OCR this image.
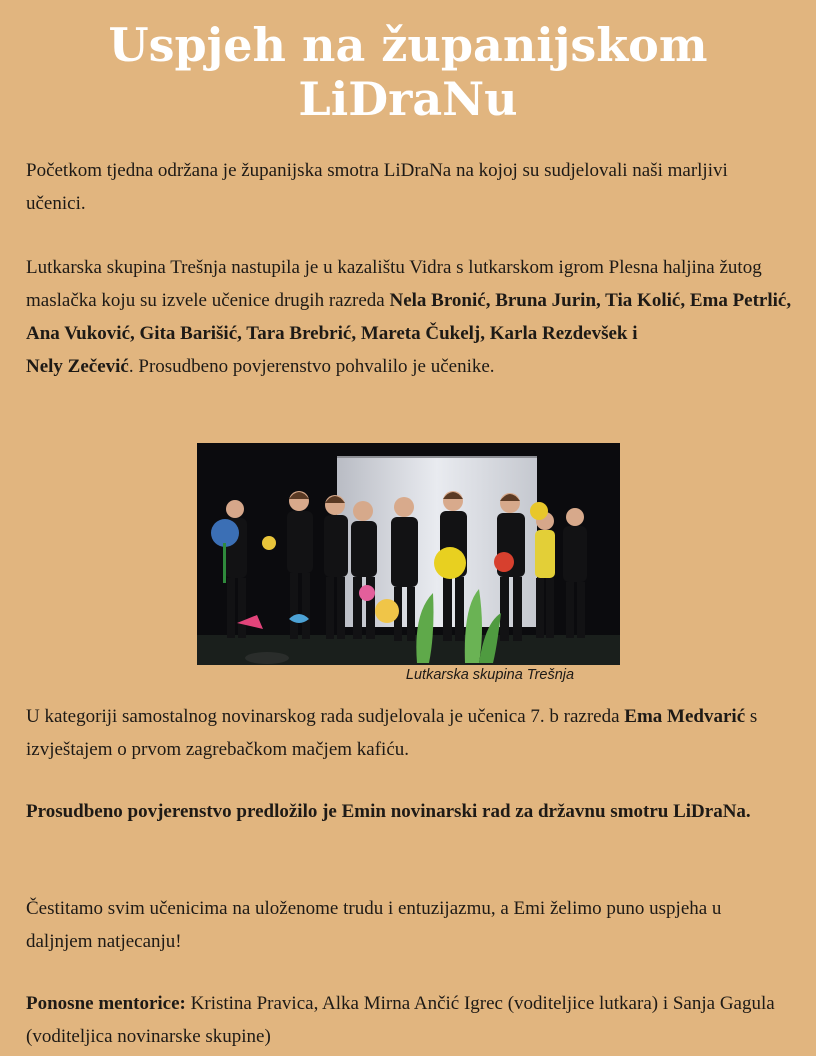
Uspjeh na županijskom
LiDraNu

Početkom tjedna održana je županijska smotra LiDraNa na kojoj su sudjelovali naši marljivi učenici.

Lutkarska skupina Trešnja nastupila je u kazalištu Vidra s lutkarskom igrom Plesna haljina žutog maslačka koju su izvele učenice drugih razreda Nela Bronić, Bruna Jurin, Tia Kolić, Ema Petrlić, Ana Vuković, Gita Barišić, Tara Brebrić, Mareta Čukelj, Karla Rezdevšek i
Nely Zečević. Prosudbeno povjerenstvo pohvalilo je učenike.

Lutkarska skupina Trešnja

U kategoriji samostalnog novinarskog rada sudjelovala je učenica 7. b razreda Ema Medvarić s izvještajem o prvom zagrebačkom mačjem kafiću.

Prosudbeno povjerenstvo predložilo je Emin novinarski rad za državnu smotru LiDraNa.

Čestitamo svim učenicima na uloženome trudu i entuzijazmu, a Emi želimo puno uspjeha u daljnjem natjecanju!

Ponosne mentorice: Kristina Pravica, Alka Mirna Ančić Igrec (voditeljice lutkara) i Sanja Gagula (voditeljica novinarske skupine)
